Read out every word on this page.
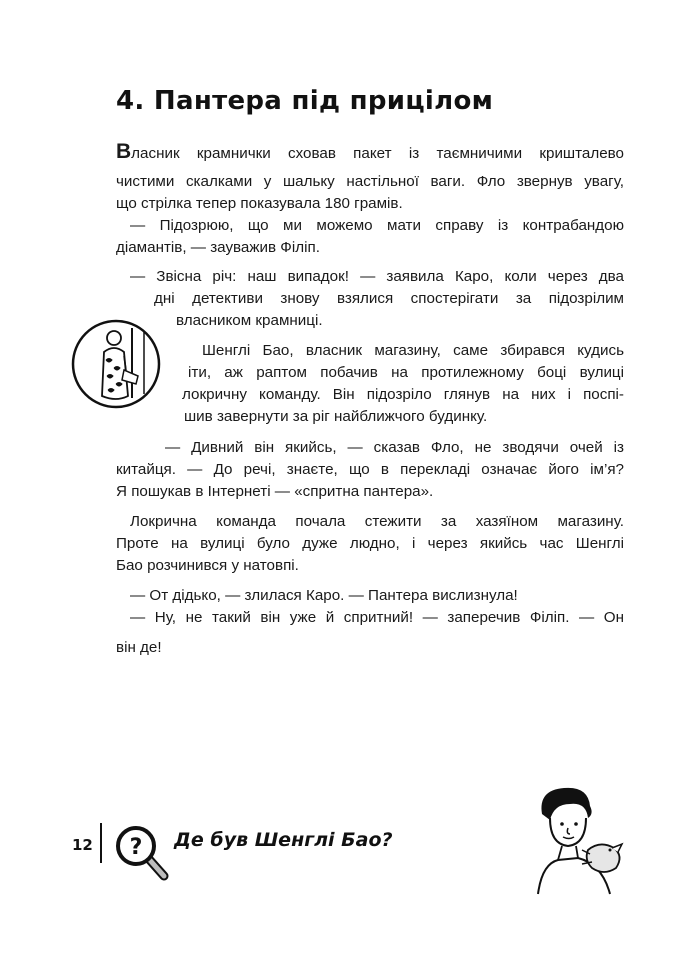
4. Пантера під прицілом
Власник крамнички сховав пакет із таємничими кришталево
чистими скалками у шальку настільної ваги. Фло звернув увагу,
що стрілка тепер показувала 180 грамів.
— Підозрюю, що ми можемо мати справу із контрабандою
діамантів, — зауважив Філіп.
— Звісна річ: наш випадок! — заявила Каро, коли через два
дні детективи знову взялися спостерігати за підозрілим
власником крамниці.
Шенглі Бао, власник магазину, саме збирався кудись
іти, аж раптом побачив на протилежному боці вулиці
локричну команду. Він підозріло глянув на них і поспі-
шив завернути за ріг найближчого будинку.
— Дивний він якийсь, — сказав Фло, не зводячи очей із
китайця. — До речі, знаєте, що в перекладі означає його ім’я?
Я пошукав в Інтернеті — «спритна пантера».
Локрична команда почала стежити за хазяїном магазину.
Проте на вулиці було дуже людно, і через якийсь час Шенглі
Бао розчинився у натовпі.
— От дідько, — злилася Каро. — Пантера вислизнула!
— Ну, не такий він уже й спритний! — заперечив Філіп. — Он
він де!
12 ? Де був Шенглі Бао?
